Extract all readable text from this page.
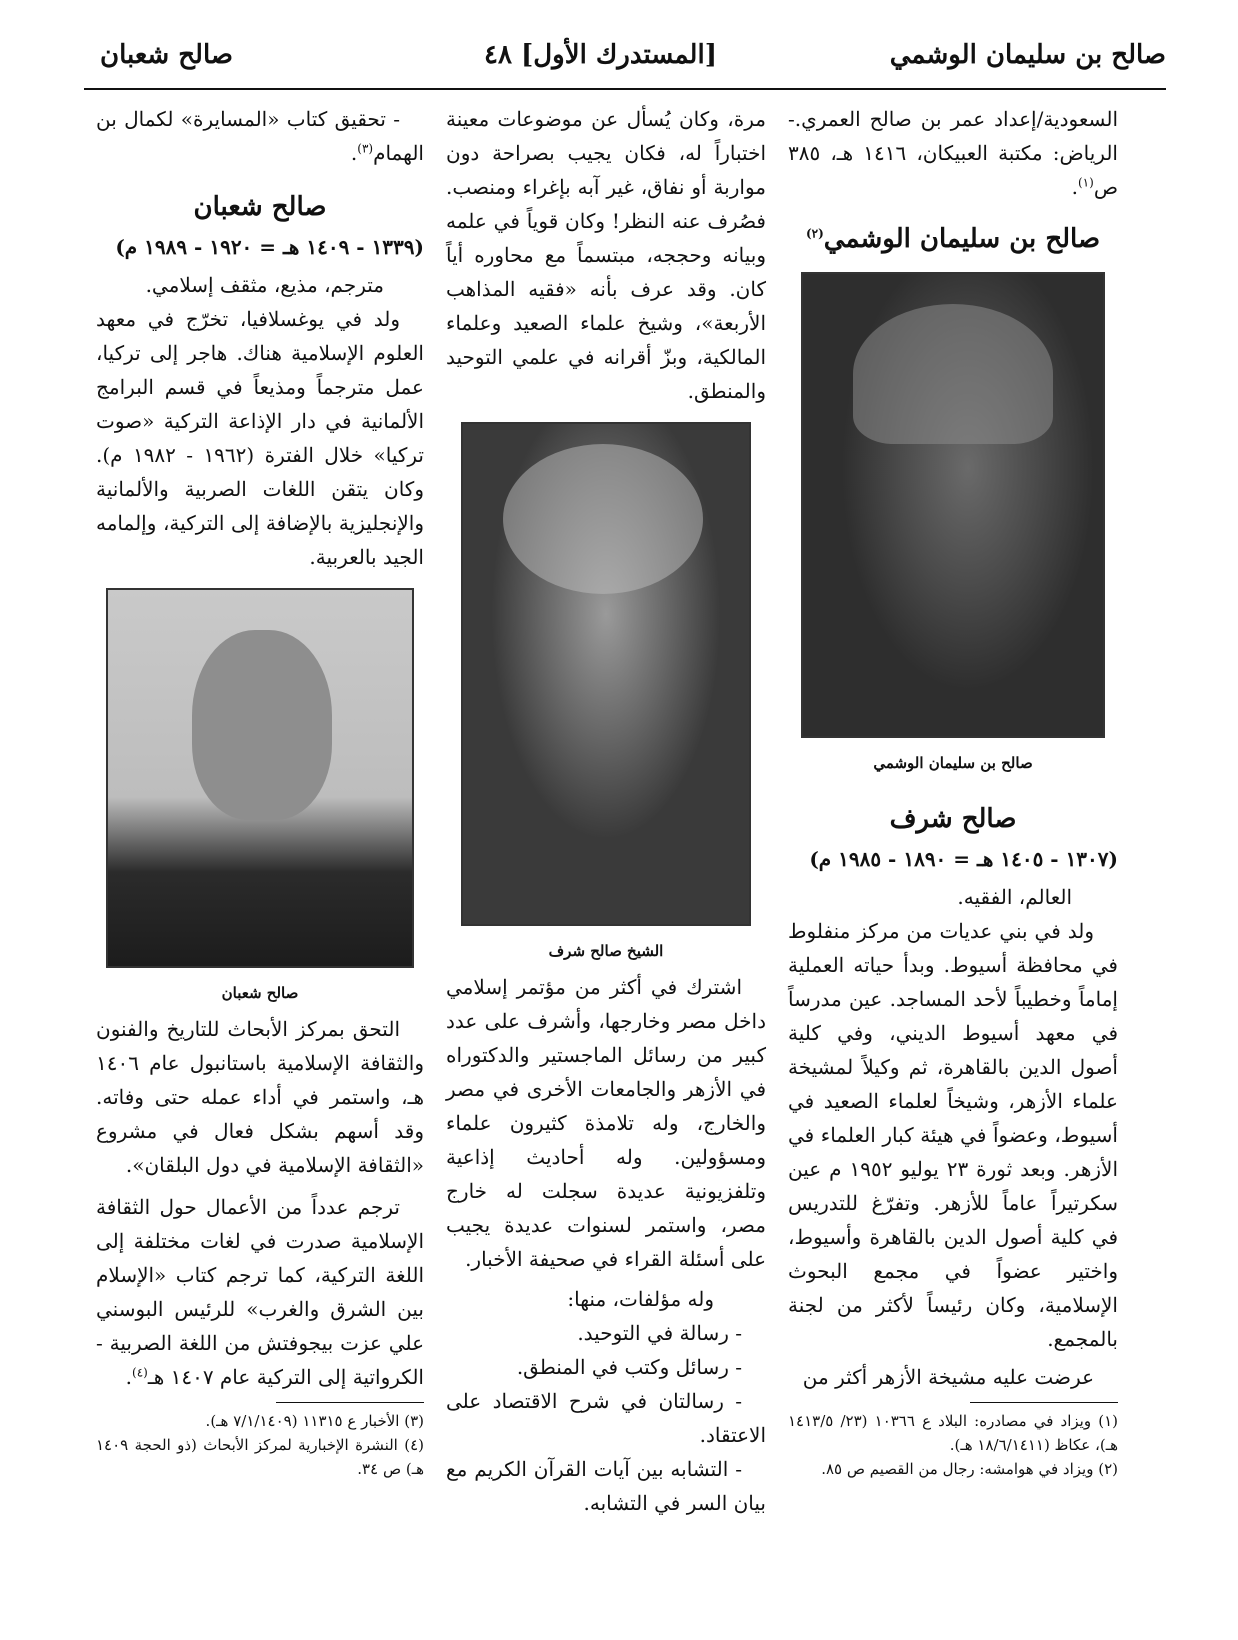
صالح بن سليمان الوشمي
[المستدرك الأول] ٤٨
صالح شعبان

السعودية/إعداد عمر بن صالح العمري.- الرياض: مكتبة العبيكان، ١٤١٦ هـ، ٣٨٥ ص$^{(١)}$.

صالح بن سليمان الوشمي$^{(٢)}$
صالح بن سليمان الوشمي
صالح شرف
(١٣٠٧ - ١٤٠٥ هـ = ١٨٩٠ - ١٩٨٥ م)

العالم، الفقيه.

ولد في بني عديات من مركز منفلوط في محافظة أسيوط. وبدأ حياته العملية إماماً وخطيباً لأحد المساجد. عين مدرساً في معهد أسيوط الديني، وفي كلية أصول الدين بالقاهرة، ثم وكيلاً لمشيخة علماء الأزهر، وشيخاً لعلماء الصعيد في أسيوط، وعضواً في هيئة كبار العلماء في الأزهر. وبعد ثورة ٢٣ يوليو ١٩٥٢ م عين سكرتيراً عاماً للأزهر. وتفرّغ للتدريس في كلية أصول الدين بالقاهرة وأسيوط، واختير عضواً في مجمع البحوث الإسلامية، وكان رئيساً لأكثر من لجنة بالمجمع.

عرضت عليه مشيخة الأزهر أكثر من

(١) ويزاد في مصادره: البلاد ع ١٠٣٦٦ (٢٣/ ١٤١٣/٥ هـ)، عكاظ (١٨/٦/١٤١١ هـ).

(٢) ويزاد في هوامشه: رجال من القصيم ص ٨٥.

مرة، وكان يُسأل عن موضوعات معينة اختباراً له، فكان يجيب بصراحة دون مواربة أو نفاق، غير آبه بإغراء ومنصب. فصُرف عنه النظر! وكان قوياً في علمه وبيانه وحججه، مبتسماً مع محاوره أياً كان. وقد عرف بأنه «فقيه المذاهب الأربعة»، وشيخ علماء الصعيد وعلماء المالكية، وبزّ أقرانه في علمي التوحيد والمنطق.

الشيخ صالح شرف

اشترك في أكثر من مؤتمر إسلامي داخل مصر وخارجها، وأشرف على عدد كبير من رسائل الماجستير والدكتوراه في الأزهر والجامعات الأخرى في مصر والخارج، وله تلامذة كثيرون علماء ومسؤولين. وله أحاديث إذاعية وتلفزيونية عديدة سجلت له خارج مصر، واستمر لسنوات عديدة يجيب على أسئلة القراء في صحيفة الأخبار.

وله مؤلفات، منها:

- رسالة في التوحيد.

- رسائل وكتب في المنطق.

- رسالتان في شرح الاقتصاد على الاعتقاد.

- التشابه بين آيات القرآن الكريم مع بيان السر في التشابه.

- تحقيق كتاب «المسايرة» لكمال بن الهمام$^{(٣)}$.

صالح شعبان
(١٣٣٩ - ١٤٠٩ هـ = ١٩٢٠ - ١٩٨٩ م)

مترجم، مذيع، مثقف إسلامي.

ولد في يوغسلافيا، تخرّج في معهد العلوم الإسلامية هناك. هاجر إلى تركيا، عمل مترجماً ومذيعاً في قسم البرامج الألمانية في دار الإذاعة التركية «صوت تركيا» خلال الفترة (١٩٦٢ - ١٩٨٢ م). وكان يتقن اللغات الصربية والألمانية والإنجليزية بالإضافة إلى التركية، وإلمامه الجيد بالعربية.

صالح شعبان

التحق بمركز الأبحاث للتاريخ والفنون والثقافة الإسلامية باستانبول عام ١٤٠٦ هـ، واستمر في أداء عمله حتى وفاته. وقد أسهم بشكل فعال في مشروع «الثقافة الإسلامية في دول البلقان».

ترجم عدداً من الأعمال حول الثقافة الإسلامية صدرت في لغات مختلفة إلى اللغة التركية، كما ترجم كتاب «الإسلام بين الشرق والغرب» للرئيس البوسني علي عزت بيجوفتش من اللغة الصربية - الكرواتية إلى التركية عام ١٤٠٧ هـ$^{(٤)}$.

(٣) الأخبار ع ١١٣١٥ (٧/١/١٤٠٩ هـ).

(٤) النشرة الإخبارية لمركز الأبحاث (ذو الحجة ١٤٠٩ هـ) ص ٣٤.
